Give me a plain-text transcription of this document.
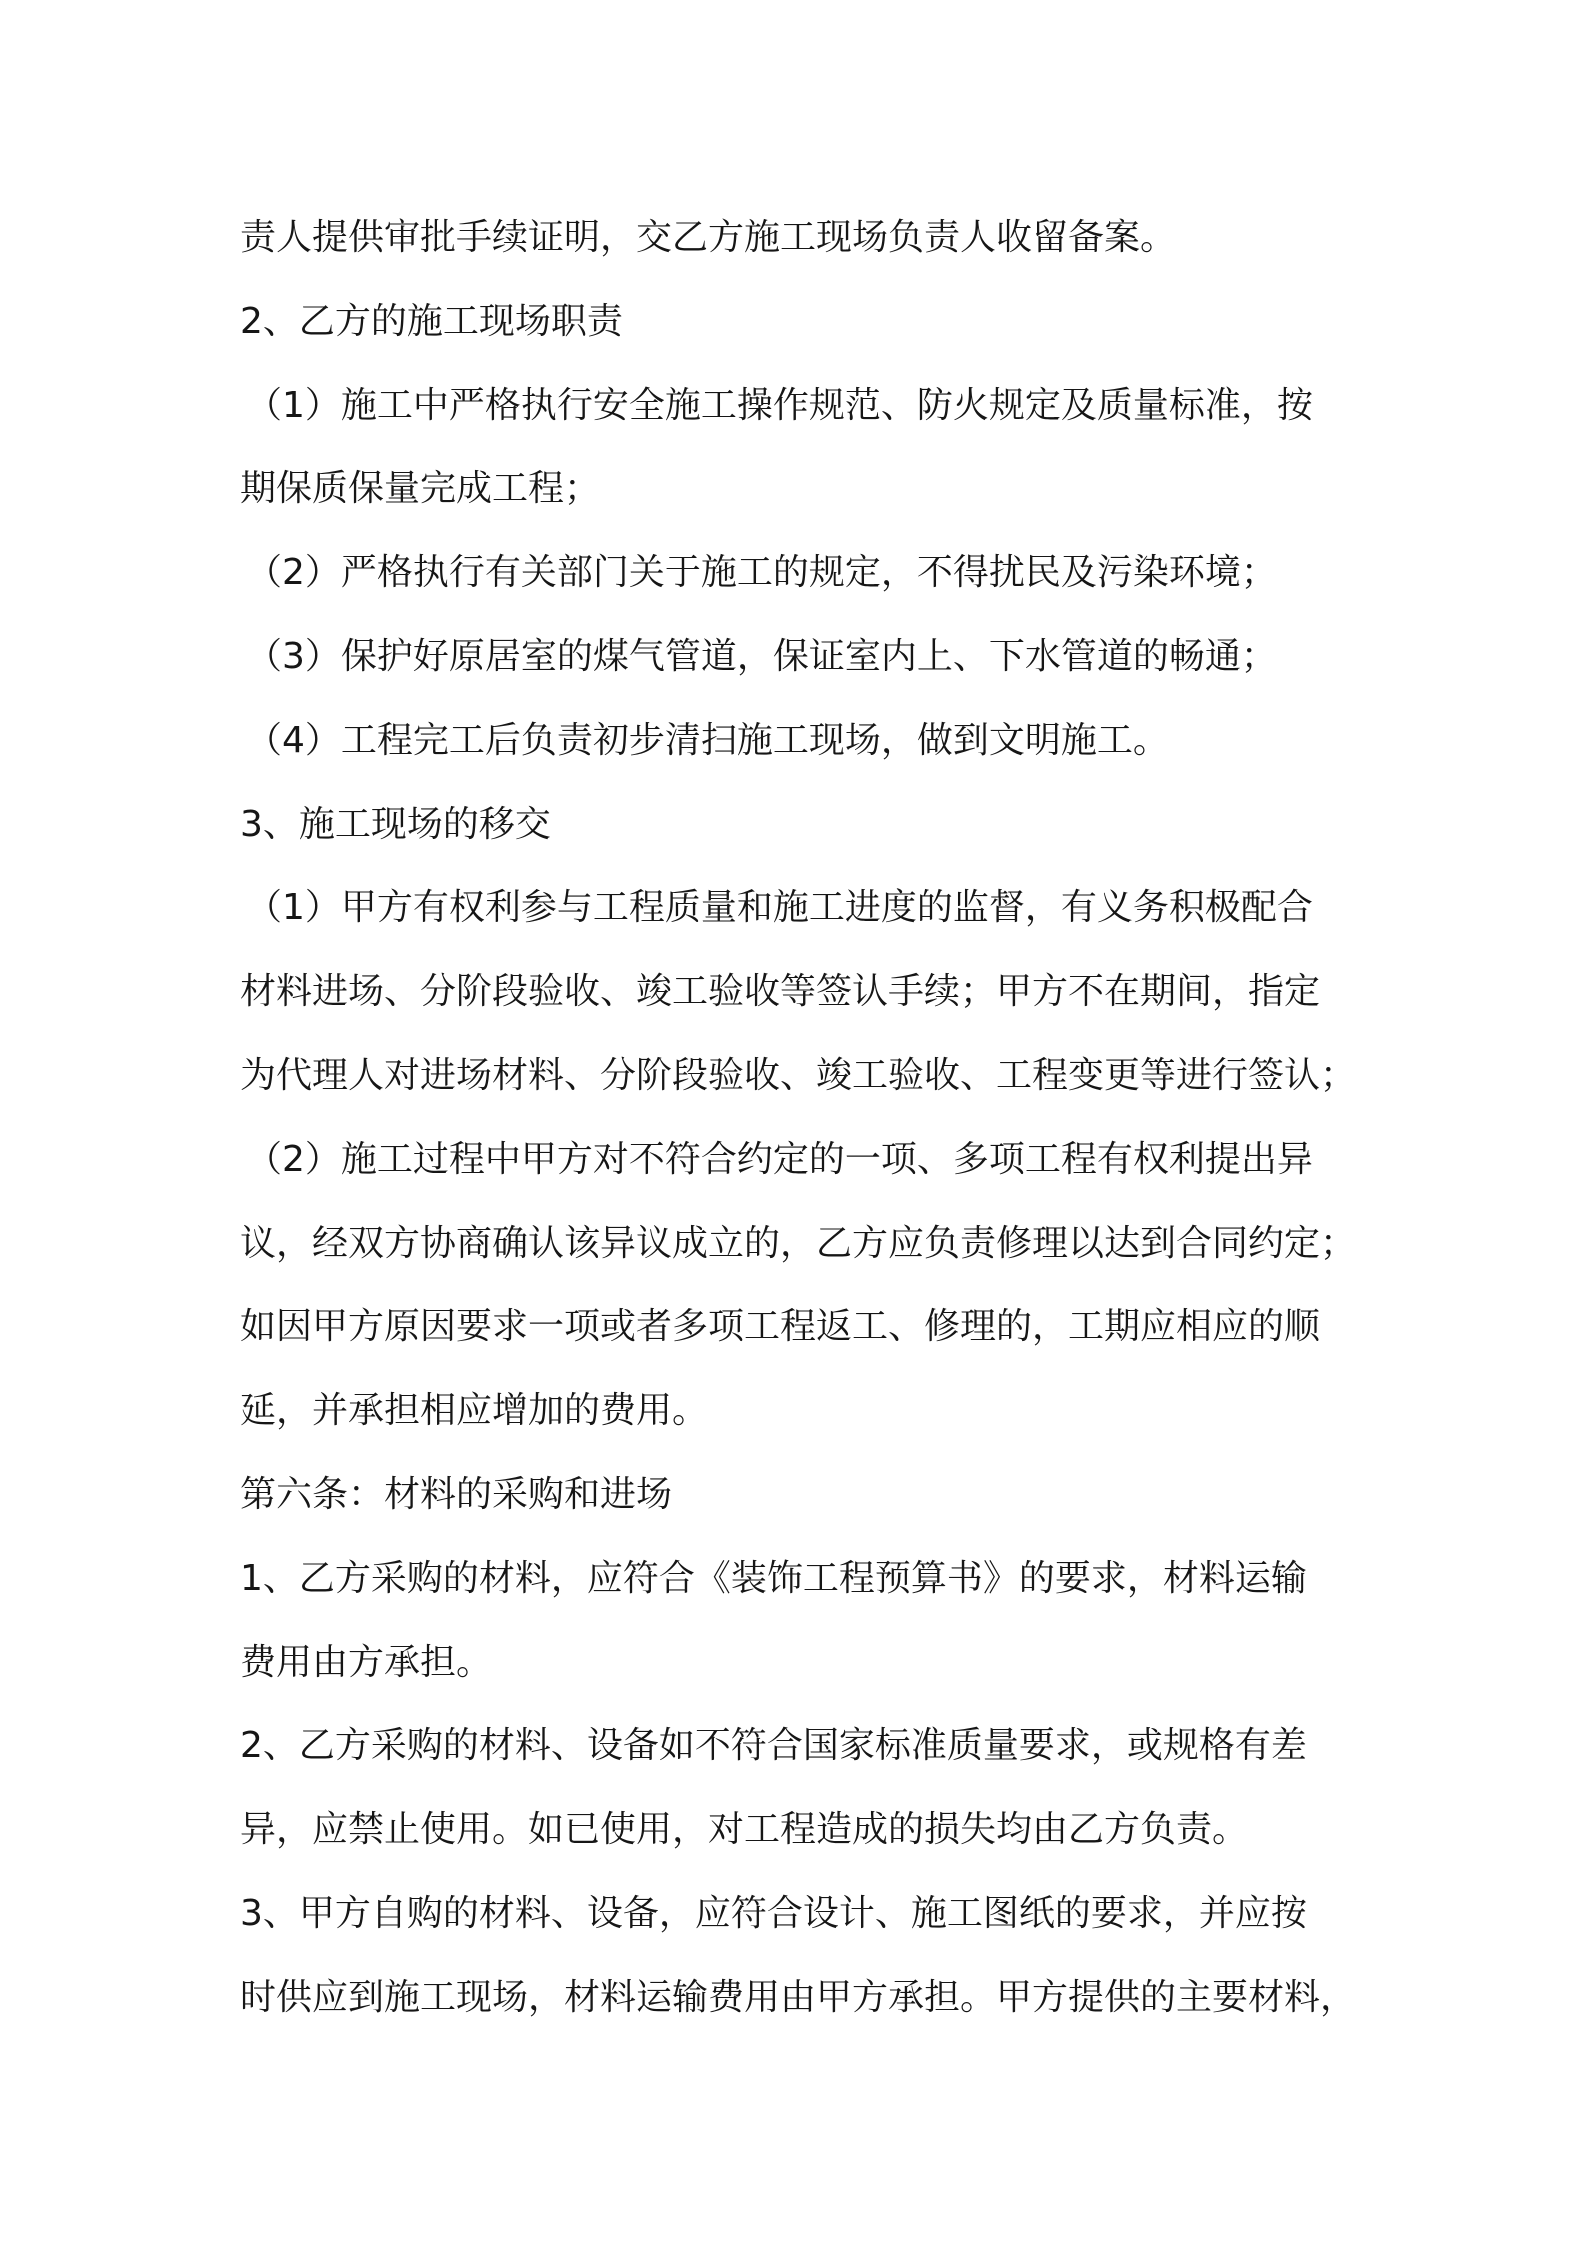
责人提供审批手续证明，交乙方施工现场负责人收留备案。
2、乙方的施工现场职责
（1）施工中严格执行安全施工操作规范、防火规定及质量标准，按
期保质保量完成工程；
（2）严格执行有关部门关于施工的规定，不得扰民及污染环境；
（3）保护好原居室的煤气管道，保证室内上、下水管道的畅通；
（4）工程完工后负责初步清扫施工现场，做到文明施工。
3、施工现场的移交
（1）甲方有权利参与工程质量和施工进度的监督，有义务积极配合
材料进场、分阶段验收、竣工验收等签认手续；甲方不在期间，指定
为代理人对进场材料、分阶段验收、竣工验收、工程变更等进行签认；
（2）施工过程中甲方对不符合约定的一项、多项工程有权利提出异
议，经双方协商确认该异议成立的，乙方应负责修理以达到合同约定；
如因甲方原因要求一项或者多项工程返工、修理的，工期应相应的顺
延，并承担相应增加的费用。
第六条：材料的采购和进场
1、乙方采购的材料，应符合《装饰工程预算书》的要求，材料运输
费用由方承担。
2、乙方采购的材料、设备如不符合国家标准质量要求，或规格有差
异，应禁止使用。如已使用，对工程造成的损失均由乙方负责。
3、甲方自购的材料、设备，应符合设计、施工图纸的要求，并应按
时供应到施工现场，材料运输费用由甲方承担。甲方提供的主要材料，
